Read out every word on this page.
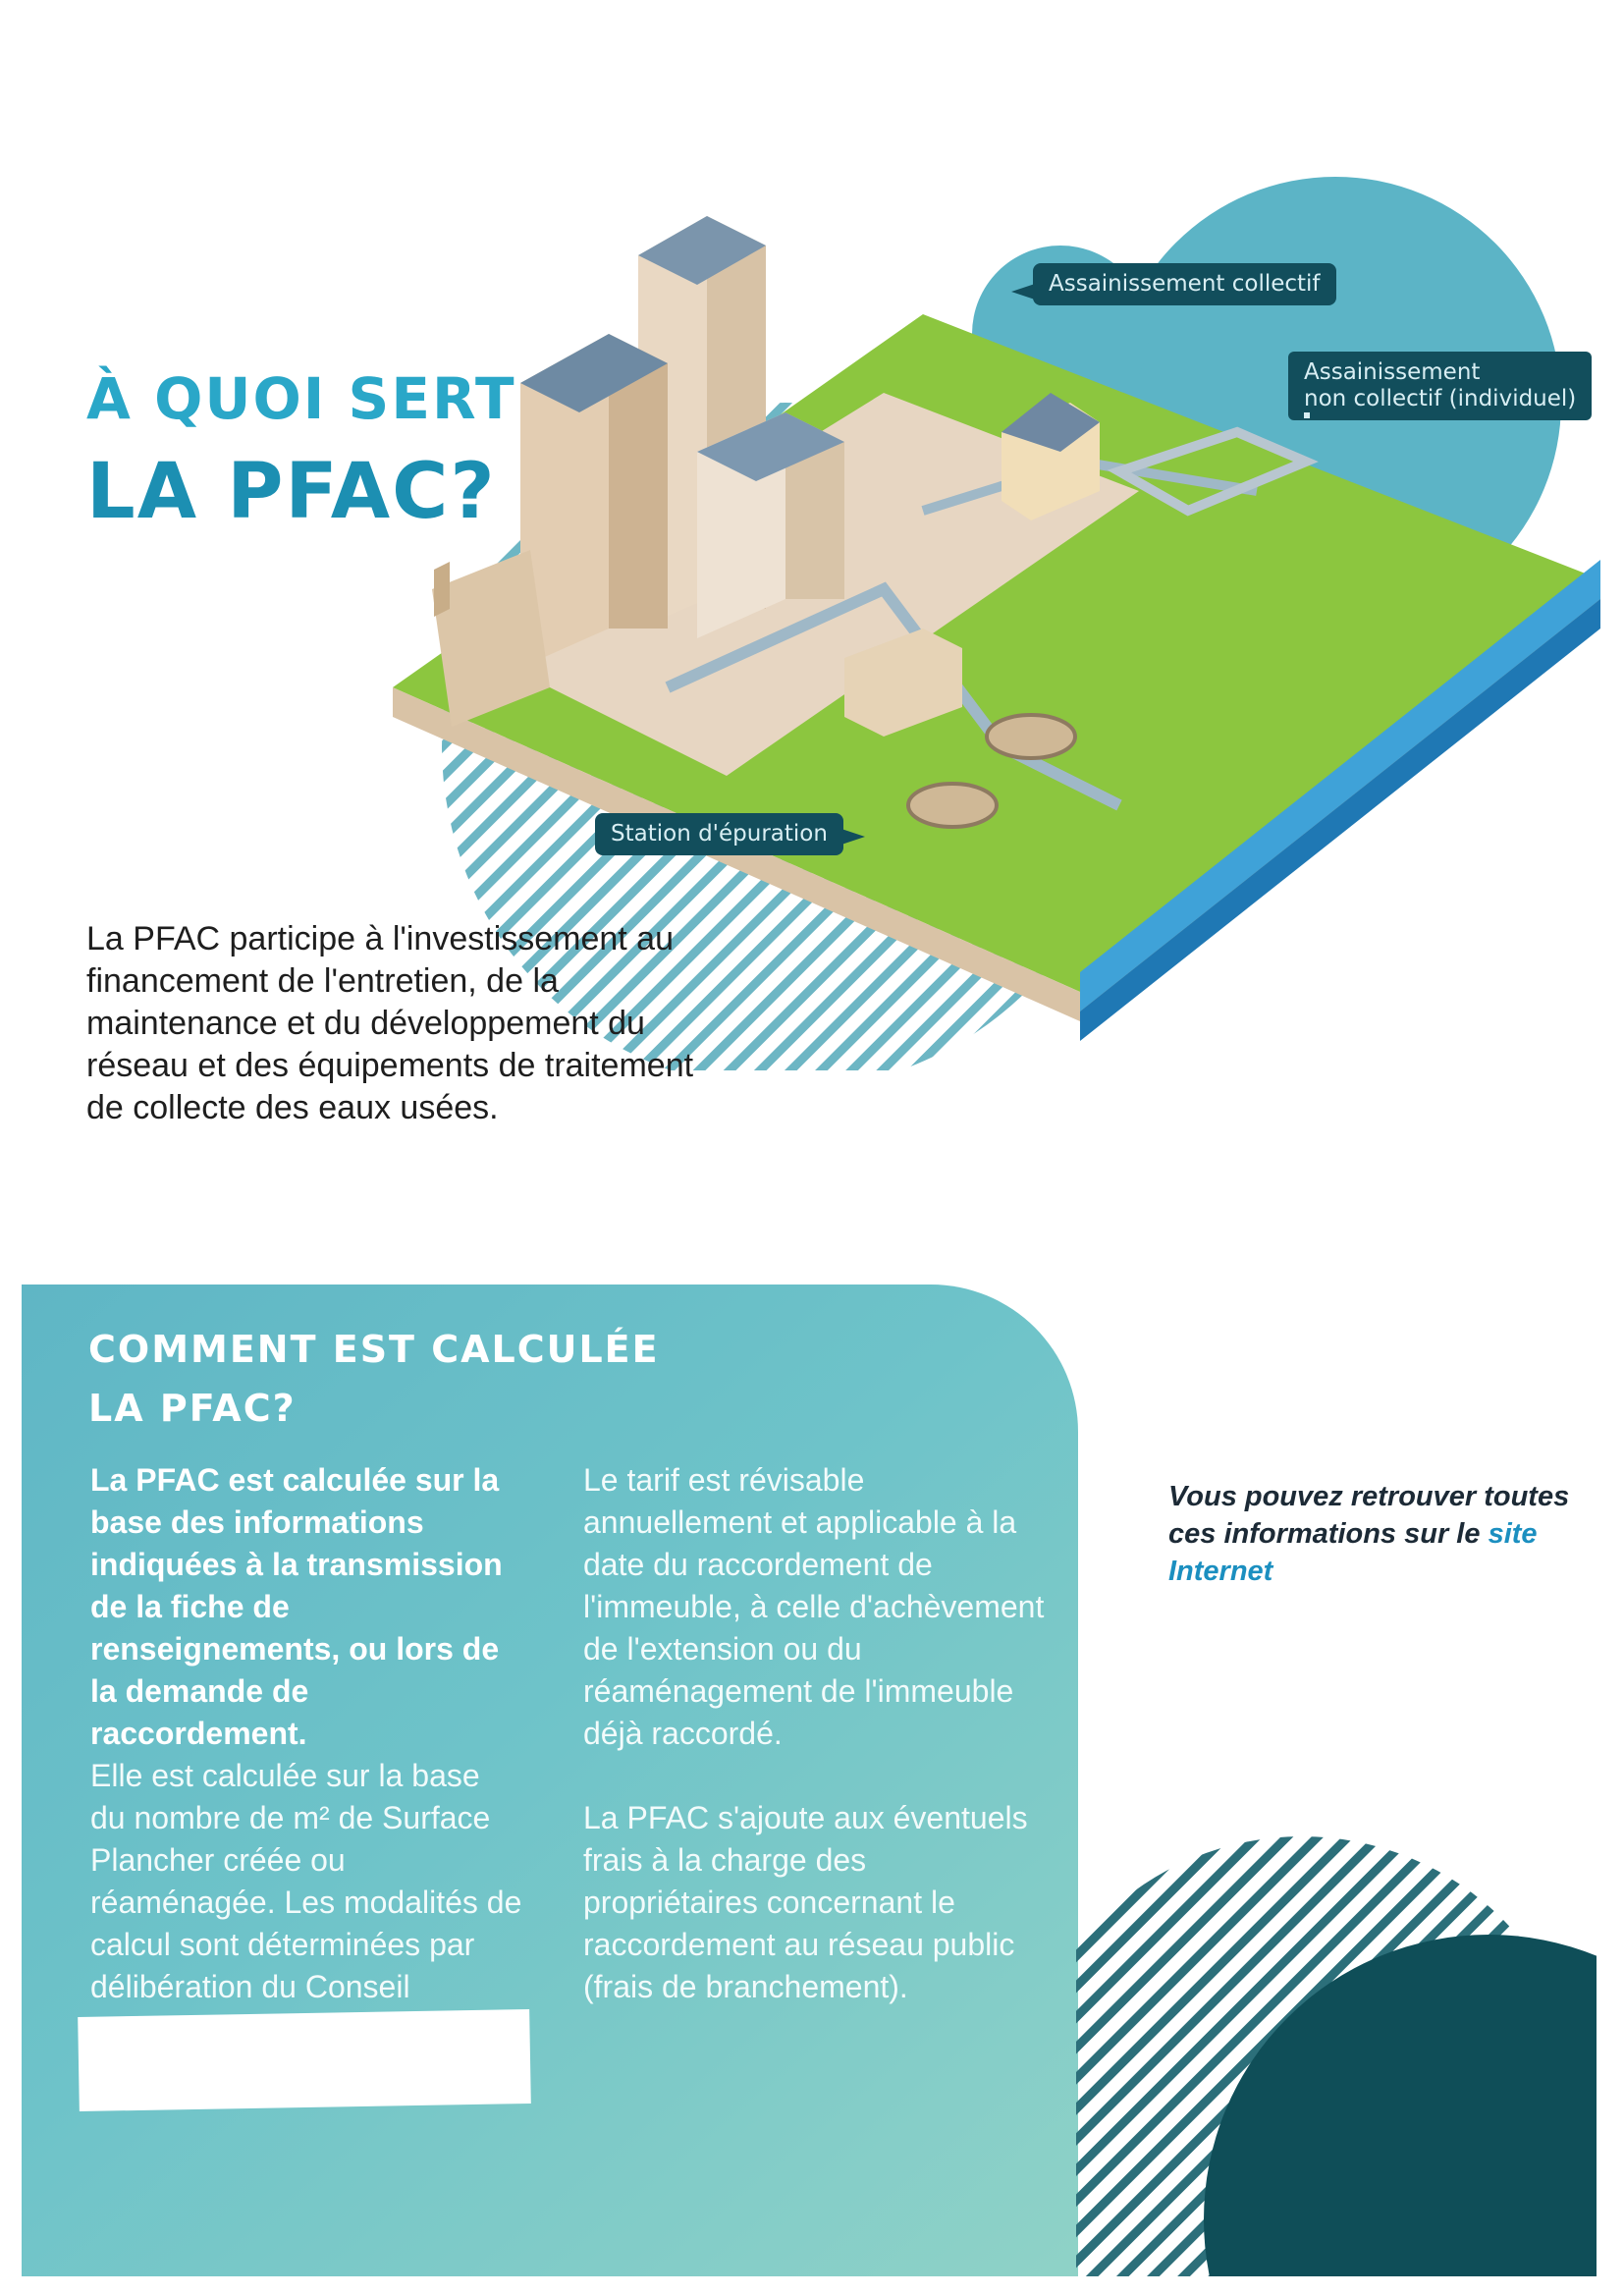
À QUOI SERT
LA PFAC?
Assainissement collectif
Assainissement
non collectif (individuel)
Station d'épuration

La PFAC participe à l'investissement au financement de l'entretien, de la maintenance et du développement du réseau et des équipements de traitement de collecte des eaux usées.

COMMENT EST CALCULÉE
LA PFAC?

La PFAC est calculée sur la base des informations indiquées à la transmission de la fiche de renseignements, ou lors de la demande de raccordement.

Elle est calculée sur la base du nombre de m² de Surface Plancher créée ou réaménagée. Les modalités de calcul sont déterminées par délibération du Conseil

Le tarif est révisable annuellement et applicable à la date du raccordement de l'immeuble, à celle d'achèvement de l'extension ou du réaménagement de l'immeuble déjà raccordé.

La PFAC s'ajoute aux éventuels frais à la charge des propriétaires concernant le raccordement au réseau public (frais de branchement).

Vous pouvez retrouver toutes ces informations sur le site Internet
